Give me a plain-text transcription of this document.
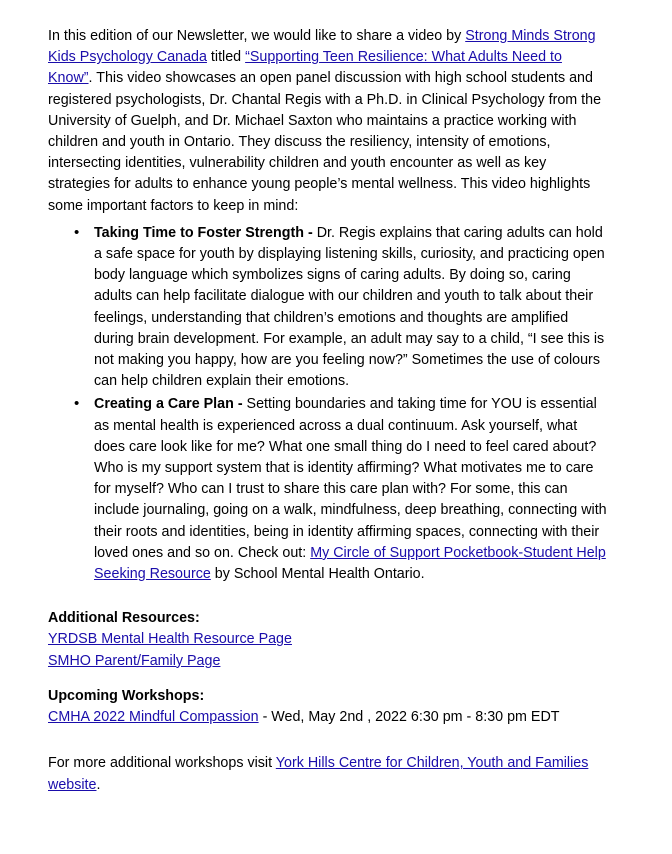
In this edition of our Newsletter, we would like to share a video by Strong Minds Strong Kids Psychology Canada titled “Supporting Teen Resilience: What Adults Need to Know”. This video showcases an open panel discussion with high school students and registered psychologists, Dr. Chantal Regis with a Ph.D. in Clinical Psychology from the University of Guelph, and Dr. Michael Saxton who maintains a practice working with children and youth in Ontario. They discuss the resiliency, intensity of emotions, intersecting identities, vulnerability children and youth encounter as well as key strategies for adults to enhance young people’s mental wellness. This video highlights some important factors to keep in mind:

• Taking Time to Foster Strength - Dr. Regis explains that caring adults can hold a safe space for youth by displaying listening skills, curiosity, and practicing open body language which symbolizes signs of caring adults. By doing so, caring adults can help facilitate dialogue with our children and youth to talk about their feelings, understanding that children’s emotions and thoughts are amplified during brain development. For example, an adult may say to a child, “I see this is not making you happy, how are you feeling now?” Sometimes the use of colours can help children explain their emotions.
• Creating a Care Plan - Setting boundaries and taking time for YOU is essential as mental health is experienced across a dual continuum. Ask yourself, what does care look like for me? What one small thing do I need to feel cared about? Who is my support system that is identity affirming? What motivates me to care for myself? Who can I trust to share this care plan with? For some, this can include journaling, going on a walk, mindfulness, deep breathing, connecting with their roots and identities, being in identity affirming spaces, connecting with their loved ones and so on. Check out: My Circle of Support Pocketbook-Student Help Seeking Resource by School Mental Health Ontario.

Additional Resources:

YRDSB Mental Health Resource Page

SMHO Parent/Family Page

Upcoming Workshops:

CMHA 2022 Mindful Compassion - Wed, May 2nd , 2022 6:30 pm - 8:30 pm EDT

For more additional workshops visit York Hills Centre for Children, Youth and Families website.
